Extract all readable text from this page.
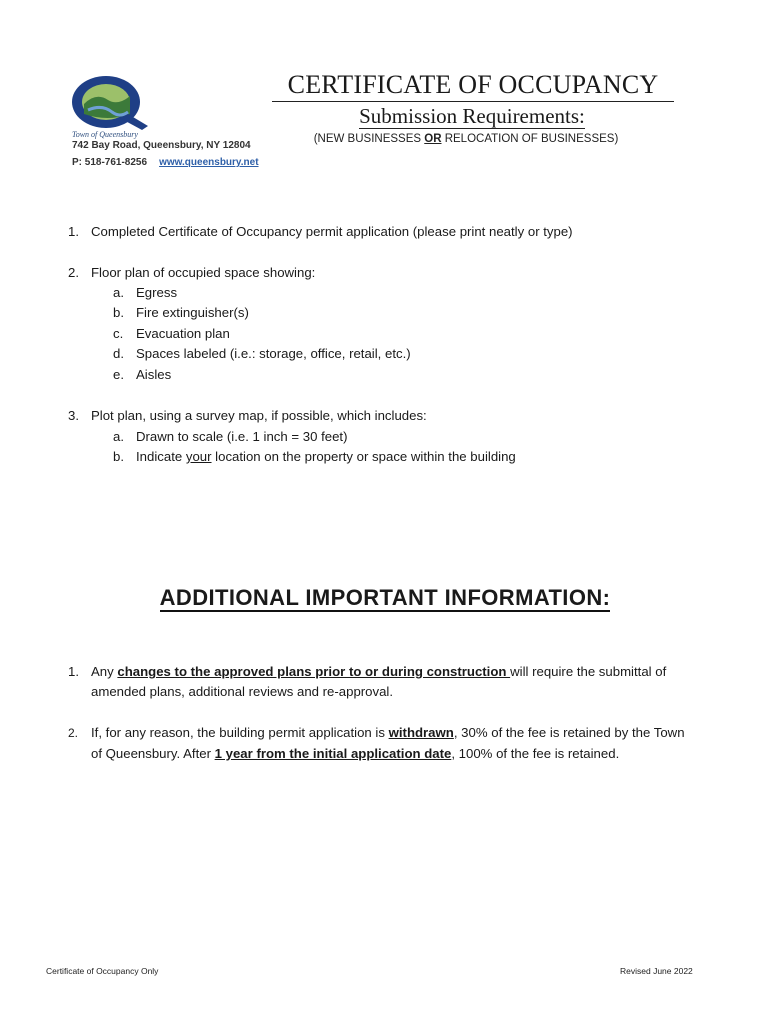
Town of Queensbury
742 Bay Road, Queensbury, NY 12804
P: 518-761-8256 www.queensbury.net
CERTIFICATE OF OCCUPANCY
Submission Requirements:
(NEW BUSINESSES OR RELOCATION OF BUSINESSES)
1. Completed Certificate of Occupancy permit application (please print neatly or type)
2. Floor plan of occupied space showing:
a. Egress
b. Fire extinguisher(s)
c. Evacuation plan
d. Spaces labeled (i.e.: storage, office, retail, etc.)
e. Aisles
3. Plot plan, using a survey map, if possible, which includes:
a. Drawn to scale (i.e. 1 inch = 30 feet)
b. Indicate your location on the property or space within the building
ADDITIONAL IMPORTANT INFORMATION:
1. Any changes to the approved plans prior to or during construction will require the submittal of
amended plans, additional reviews and re-approval.
2. If, for any reason, the building permit application is withdrawn, 30% of the fee is retained by the Town
of Queensbury. After 1 year from the initial application date, 100% of the fee is retained.
Certificate of Occupancy Only	Revised June 2022
